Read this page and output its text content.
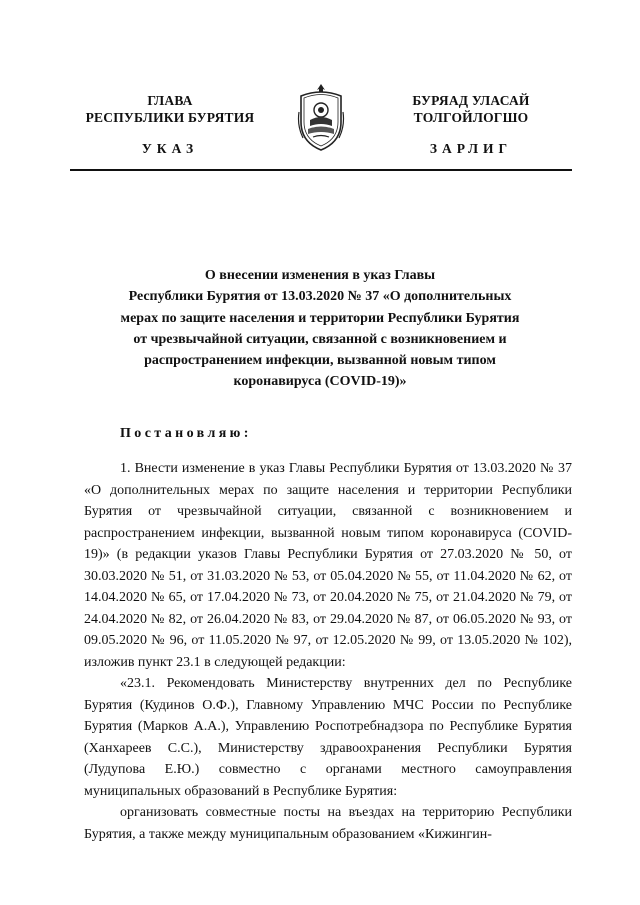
ГЛАВА
РЕСПУБЛИКИ БУРЯТИЯ
БУРЯАД УЛАСАЙ
ТОЛГОЙЛОГШО
УКАЗ	ЗАРЛИГ
О внесении изменения в указ Главы
Республики Бурятия от 13.03.2020 № 37 «О дополнительных
мерах по защите населения и территории Республики Бурятия
от чрезвычайной ситуации, связанной с возникновением и
распространением инфекции, вызванной новым типом
коронавируса (COVID-19)»
Постановляю:

1. Внести изменение в указ Главы Республики Бурятия от 13.03.2020 № 37 «О дополнительных мерах по защите населения и территории Республики Бурятия от чрезвычайной ситуации, связанной с возникновением и распространением инфекции, вызванной новым типом коронавируса (COVID-19)» (в редакции указов Главы Республики Бурятия от 27.03.2020 № 50, от 30.03.2020 № 51, от 31.03.2020 № 53, от 05.04.2020 № 55, от 11.04.2020 № 62, от 14.04.2020 № 65, от 17.04.2020 № 73, от 20.04.2020 № 75, от 21.04.2020 № 79, от 24.04.2020 № 82, от 26.04.2020 № 83, от 29.04.2020 № 87, от 06.05.2020 № 93, от 09.05.2020 № 96, от 11.05.2020 № 97, от 12.05.2020 № 99, от 13.05.2020 № 102), изложив пункт 23.1 в следующей редакции:

«23.1. Рекомендовать Министерству внутренних дел по Республике Бурятия (Кудинов О.Ф.), Главному Управлению МЧС России по Республике Бурятия (Марков А.А.), Управлению Роспотребнадзора по Республике Бурятия (Ханхареев С.С.), Министерству здравоохранения Республики Бурятия (Лудупова Е.Ю.) совместно с органами местного самоуправления муниципальных образований в Республике Бурятия:

организовать совместные посты на въездах на территорию Республики Бурятия, а также между муниципальным образованием «Кижингин-
